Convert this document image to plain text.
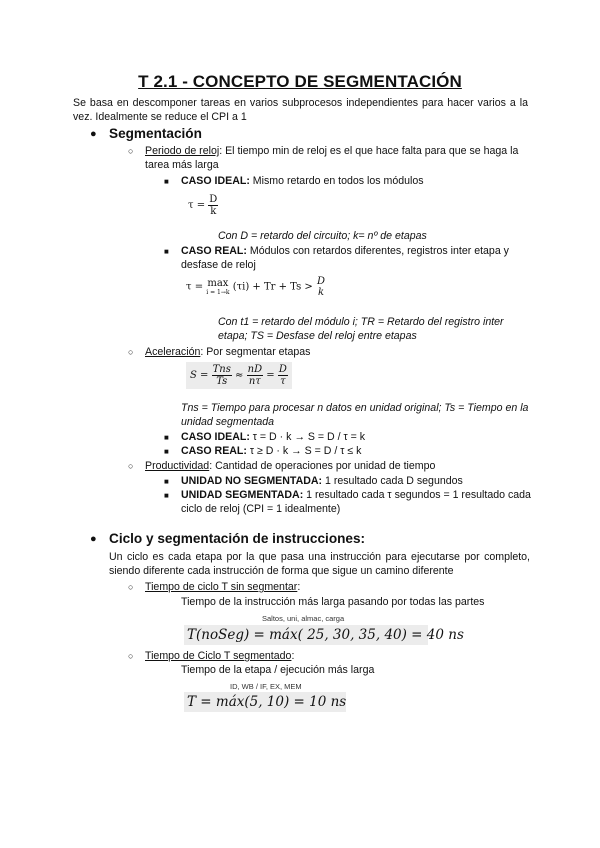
T 2.1 - CONCEPTO DE SEGMENTACIÓN
Se basa en descomponer tareas en varios subprocesos independientes para hacer varios a la vez. Idealmente se reduce el CPI a 1
● Segmentación
○ Periodo de reloj: El tiempo min de reloj es el que hace falta para que se haga la tarea más larga
■ CASO IDEAL: Mismo retardo en todos los módulos
$\tau = \frac{D}{k}$
Con D = retardo del circuito; k= nº de etapas
■ CASO REAL: Módulos con retardos diferentes, registros inter etapa y desfase de reloj
τ = max
i = 1→k (τi) + Tr + Ts > D
k
Con t1 = retardo del módulo i; TR = Retardo del registro inter etapa; TS = Desfase del reloj entre etapas
○ Aceleración: Por segmentar etapas
$S = \frac{\text{Tns}}{Ts} \approx \frac{nD}{n\tau} = \frac{D}{\tau}$
Tns = Tiempo para procesar n datos en unidad original; Ts = Tiempo en la unidad segmentada
■ CASO IDEAL: τ = D · k → S = D / τ = k
■ CASO REAL: τ ≥ D · k → S = D / τ ≤ k
○ Productividad: Cantidad de operaciones por unidad de tiempo
■ UNIDAD NO SEGMENTADA: 1 resultado cada D segundos
■ UNIDAD SEGMENTADA: 1 resultado cada τ segundos = 1 resultado cada ciclo de reloj (CPI = 1 idealmente)
● Ciclo y segmentación de instrucciones:
Un ciclo es cada etapa por la que pasa una instrucción para ejecutarse por completo, siendo diferente cada instrucción de forma que sigue un camino diferente
○ Tiempo de ciclo T sin segmentar:
Tiempo de la instrucción más larga pasando por todas las partes
Saltos, uni, almac, carga
T(noSeg) = máx( 25, 30, 35, 40) = 40 ns
○ Tiempo de Ciclo T segmentado:
Tiempo de la etapa / ejecución más larga
ID, WB / IF, EX, MEM
T = máx(5, 10) = 10 ns
